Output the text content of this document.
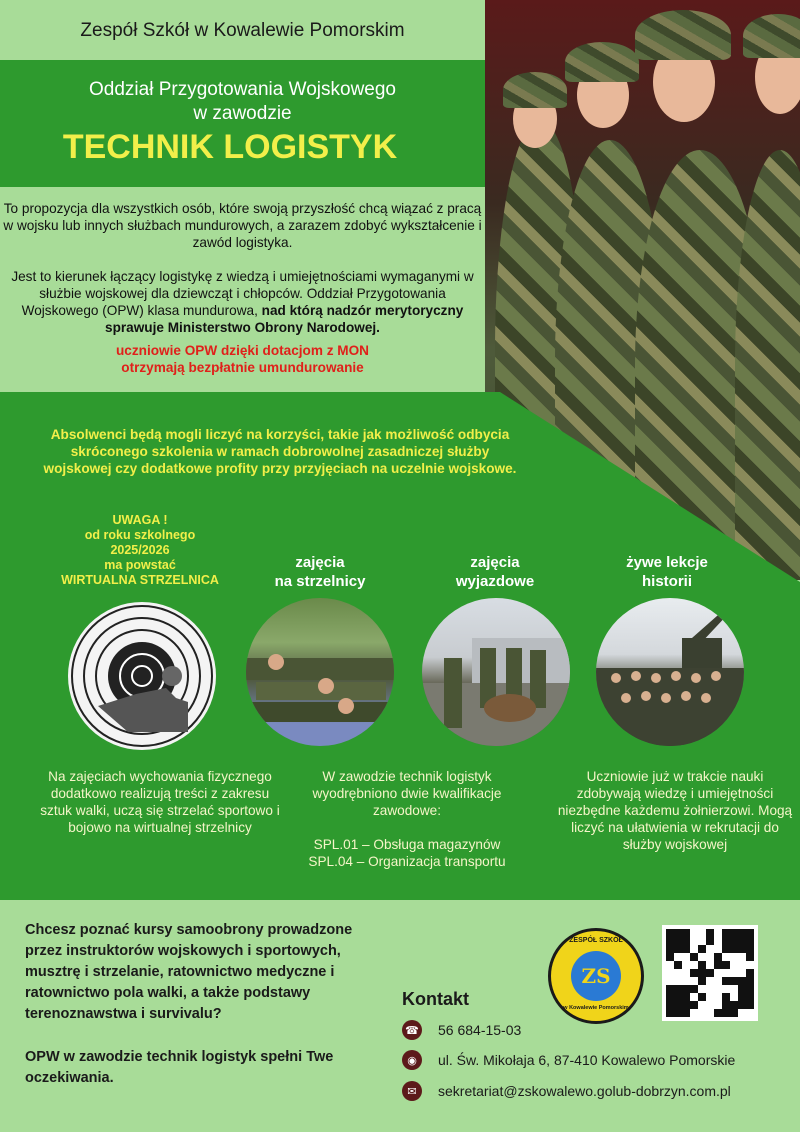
Zespół Szkół w Kowalewie Pomorskim
Oddział Przygotowania Wojskowego
w zawodzie
TECHNIK LOGISTYK

To propozycja dla wszystkich osób, które swoją przyszłość chcą wiązać z pracą w wojsku lub innych służbach mundurowych, a zarazem zdobyć wykształcenie i zawód logistyka.

Jest to kierunek łączący logistykę z wiedzą i umiejętnościami wymaganymi w służbie wojskowej dla dziewcząt i chłopców. Oddział Przygotowania Wojskowego (OPW) klasa mundurowa, nad którą nadzór merytoryczny sprawuje Ministerstwo Obrony Narodowej.

uczniowie OPW dzięki dotacjom z MON
otrzymają bezpłatnie umundurowanie
Absolwenci będą mogli liczyć na korzyści, takie jak możliwość odbycia skróconego szkolenia w ramach dobrowolnej zasadniczej służby wojskowej czy dodatkowe profity przy przyjęciach na uczelnie wojskowe.
UWAGA !
od roku szkolnego
2025/2026
ma powstać
WIRTUALNA STRZELNICA
zajęcia
na strzelnicy
zajęcia
wyjazdowe
żywe lekcje
historii
Na zajęciach wychowania fizycznego dodatkowo realizują treści z zakresu sztuk walki, uczą się strzelać sportowo i bojowo na wirtualnej strzelnicy
W zawodzie technik logistyk wyodrębniono dwie kwalifikacje zawodowe:
SPL.01 – Obsługa magazynów
SPL.04 – Organizacja transportu
Uczniowie już w trakcie nauki zdobywają wiedzę i umiejętności niezbędne każdemu żołnierzowi. Mogą liczyć na ułatwienia w rekrutacji do służby wojskowej
Chcesz poznać kursy samoobrony prowadzone przez instruktorów wojskowych i sportowych, musztrę i strzelanie, ratownictwo medyczne i ratownictwo pola walki, a także podstawy terenoznawstwa i survivalu?
OPW w zawodzie technik logistyk spełni Twe oczekiwania.
ZESPÓŁ SZKÓŁ
ZS
w Kowalewie Pomorskim
Kontakt
☎ 56 684-15-03
◉	ul. Św. Mikołaja 6, 87-410 Kowalewo Pomorskie
✉	sekretariat@zskowalewo.golub-dobrzyn.com.pl
